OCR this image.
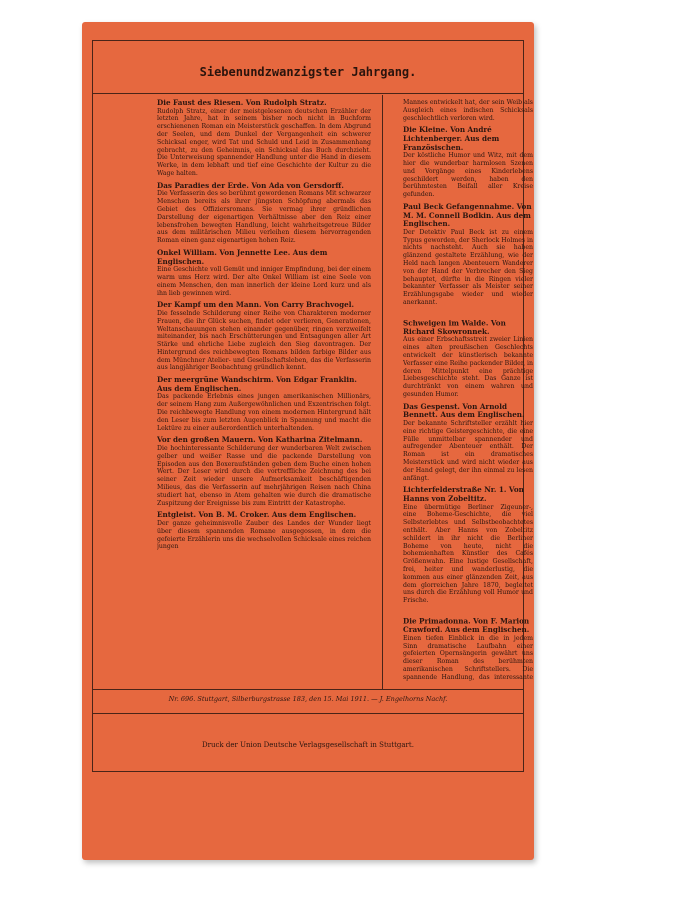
Siebenundzwanzigster Jahrgang.
Die Faust des Riesen. Von Rudolph Stratz.
Rudolph Stratz, einer der meistgelesenen deutschen Erzähler der letzten Jahre, hat in seinem bisher noch nicht in Buchform erschienenen Roman ein Meisterstück geschaffen. In dem Abgrund der Seelen, und dem Dunkel der Vergangenheit ein schwerer Schicksal enger, wird Tat und Schuld und Leid in Zusammenhang gebracht, zu den Geheimnis, ein Schicksal das Buch durchzieht. Die Unterweisung spannender Handlung unter die Hand in diesem Werke, in dem lebhaft und tief eine Geschichte der Kultur zu die Wage halten.
Das Paradies der Erde. Von Ada von Gersdorff.
Die Verfasserin des so berühmt gewordenen Romans Mit schwarzer Menschen bereits als ihrer jüngsten Schöpfung abermals das Gebiet des Offiziersromans. Sie vermag ihrer gründlichen Darstellung der eigenartigen Verhältnisse aber den Reiz einer lebensfrohen bewegten Handlung, leicht wahrheitsgetreue Bilder aus dem militärischen Milieu verleihen diesem hervorragenden Roman einen ganz eigenartigen hohen Reiz.
Onkel William. Von Jennette Lee. Aus dem Englischen.
Eine Geschichte voll Gemüt und inniger Empfindung, bei der einem warm ums Herz wird. Der alte Onkel William ist eine Seele von einem Menschen, den man innerlich der kleine Lord kurz und als ihn lieb gewinnen wird.
Der Kampf um den Mann. Von Carry Brachvogel.
Die fesselnde Schilderung einer Reihe von Charakteren moderner Frauen, die ihr Glück suchen, findet oder verlieren, Generationen, Weltanschauungen stehen einander gegenüber, ringen verzweifelt miteinander, bis nach Erschütterungen und Entsagungen aller Art Stärke und ehrliche Liebe zugleich den Sieg davontragen. Der Hintergrund des reichbewegten Romans bilden farbige Bilder aus dem Münchner Atelier- und Gesellschaftsleben, das die Verfasserin aus langjähriger Beobachtung gründlich kennt.
Der meergrüne Wandschirm. Von Edgar Franklin. Aus dem Englischen.
Das packende Erlebnis eines jungen amerikanischen Millionärs, der seinem Hang zum Außergewöhnlichen und Exzentrischen folgt. Die reichbewegte Handlung von einem modernen Hintergrund hält den Leser bis zum letzten Augenblick in Spannung und macht die Lektüre zu einer außerordentlich unterhaltenden.
Vor den großen Mauern. Von Katharina Zitelmann.
Die hochinteressante Schilderung der wunderbaren Welt zwischen gelber und weißer Rasse und die packende Darstellung von Episoden aus den Boxeraufständen geben dem Buche einen hohen Wert. Der Leser wird durch die vortreffliche Zeichnung des bei seiner Zeit wieder unsere Aufmerksamkeit beschäftigenden Milieus, das die Verfasserin auf mehrjährigen Reisen nach China studiert hat, ebenso in Atem gehalten wie durch die dramatische Zuspitzung der Ereignisse bis zum Eintritt der Katastrophe.
Entgleist. Von B. M. Croker. Aus dem Englischen.
Der ganze geheimnisvolle Zauber des Landes der Wunder liegt über diesem spannenden Romane ausgegossen, in dem die gefeierte Erzählerin uns die wechselvollen Schicksale eines reichen jungen
Mannes entwickelt hat, der sein Weib als Ausgleich eines indischen Schicksals geschlechtlich verloren wird.
Die Kleine. Von André Lichtenberger. Aus dem Französischen.
Der köstliche Humor und Witz, mit dem hier die wunderbar harmlosen Szenen und Vorgänge eines Kinderlebens geschildert werden, haben den berühmtesten Beifall aller Kreise gefunden.
Paul Beck Gefangennahme. Von M. M. Connell Bodkin. Aus dem Englischen.
Der Detektiv Paul Beck ist zu einem Typus geworden, der Sherlock Holmes in nichts nachsteht. Auch sie haben glänzend gestaltete Erzählung, wie der Held nach langen Abenteuern Wanderer von der Hand der Verbrecher den Sieg behauptet, dürfte in die Ringen vieler bekannter Verfasser als Meister seiner Erzählungsgabe wieder und wieder anerkannt.
Schweigen im Walde. Von Richard Skowronnek.
Aus einer Erbschaftsstreit zweier Linien eines alten preußischen Geschlechts entwickelt der künstlerisch bekannte Verfasser eine Reihe packender Bilder, in deren Mittelpunkt eine prächtige Liebesgeschichte steht. Das Ganze ist durchtränkt von einem wahren und gesunden Humor.
Das Gespenst. Von Arnold Bennett. Aus dem Englischen.
Der bekannte Schriftsteller erzählt hier eine richtige Geistergeschichte, die eine Fülle unmittelbar spannender und aufregender Abenteuer enthält. Der Roman ist ein dramatisches Meisterstück und wird nicht wieder aus der Hand gelegt, der ihn einmal zu lesen anfängt.
Lichterfelderstraße Nr. 1. Von Hanns von Zobeltitz.
Eine übermütige Berliner Zigeuner-, eine Boheme-Geschichte, die viel Selbsterlebtes und Selbstbeobachtetes enthält. Aber Hanns von Zobeltitz schildert in ihr nicht die Berliner Boheme von heute, nicht die bohemienhaften Künstler des Cafés Größenwahn. Eine lustige Gesellschaft, frei, heiter und wanderlustig, die kommen aus einer glänzenden Zeit, aus dem glorreichen Jahre 1870, begleitet uns durch die Erzählung voll Humor und Frische.
Die Primadonna. Von F. Marion Crawford. Aus dem Englischen.
Einen tiefen Einblick in die in jedem Sinn dramatische Laufbahn einer gefeierten Opernsängerin gewährt uns dieser Roman des berühmten amerikanischen Schriftstellers. Die spannende Handlung, das interessante
Nr. 696. Stuttgart, Silberburgstrasse 183, den 15. Mai 1911. — J. Engelhorns Nachf.
Druck der Union Deutsche Verlagsgesellschaft in Stuttgart.
